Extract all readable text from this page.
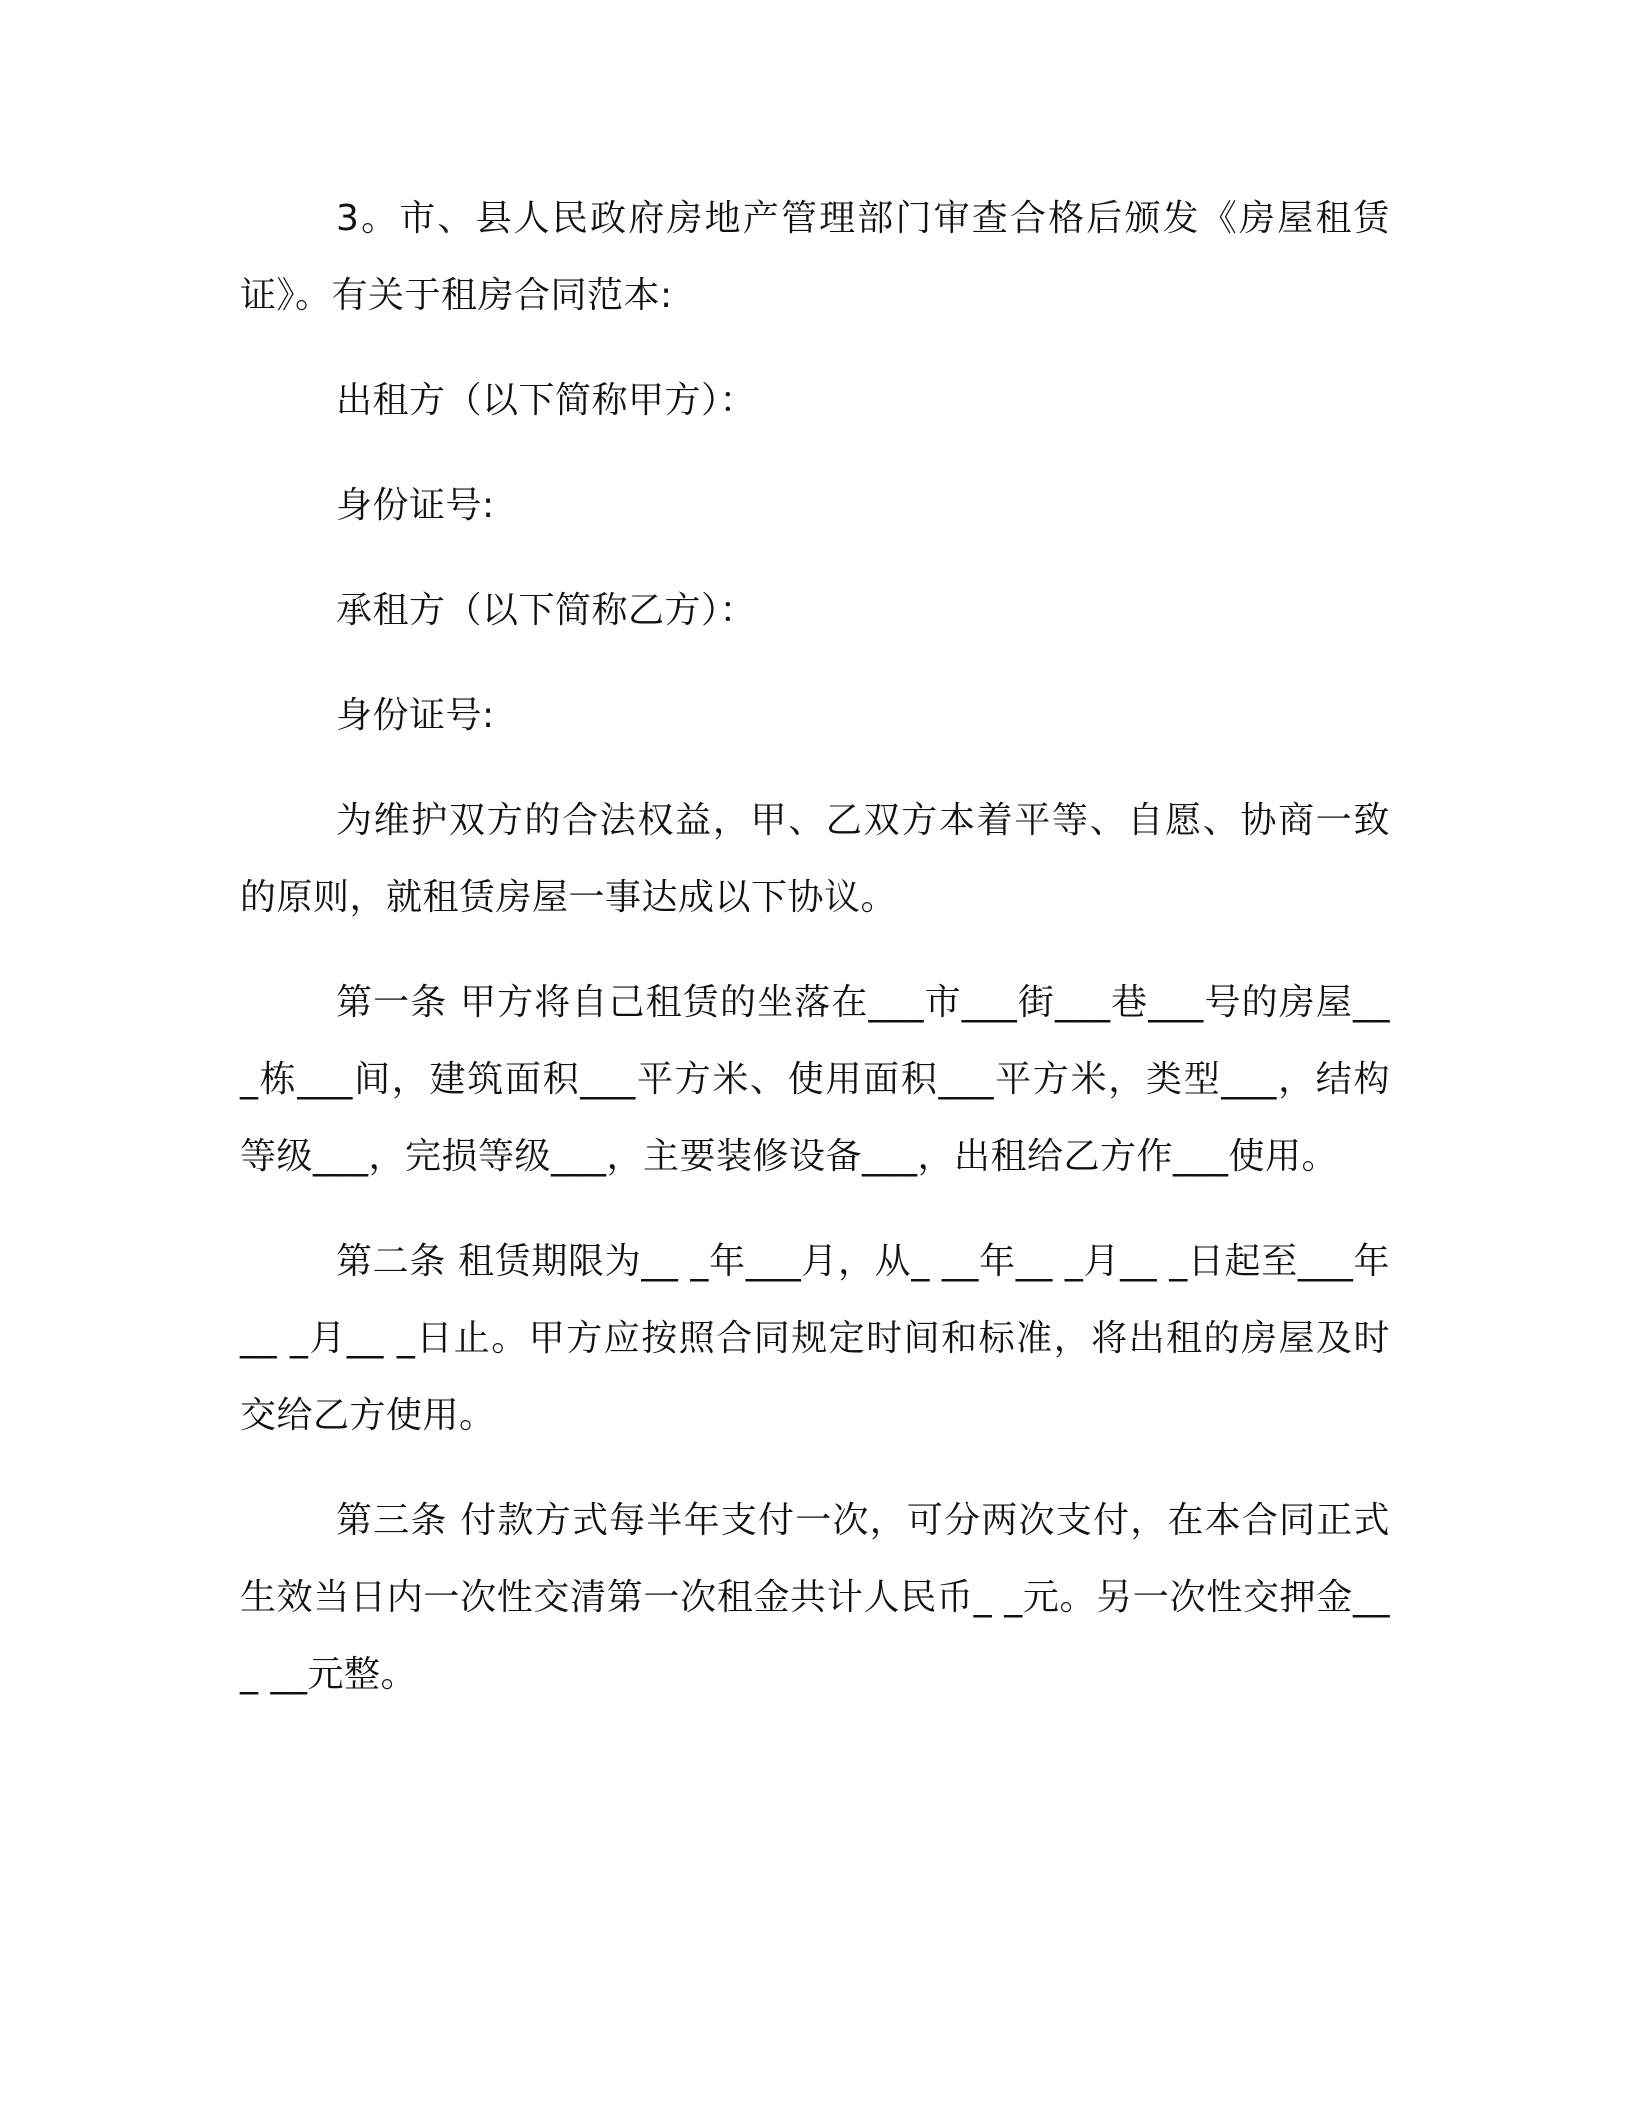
3。市、县人民政府房地产管理部门审查合格后颁发《房屋租赁证》。有关于租房合同范本:

出租方（以下简称甲方）：

身份证号:

承租方（以下简称乙方）：

身份证号:

为维护双方的合法权益，甲、乙双方本着平等、自愿、协商一致的原则，就租赁房屋一事达成以下协议。

第一条 甲方将自己租赁的坐落在___市___街___巷___号的房屋___栋___间，建筑面积___平方米、使用面积___平方米，类型___，结构等级___，完损等级___，主要装修设备___，出租给乙方作___使用。

第二条 租赁期限为__ _年___月，从_ __年__ _月__ _日起至___年__ _月__ _日止。甲方应按照合同规定时间和标准，将出租的房屋及时交给乙方使用。

第三条 付款方式每半年支付一次，可分两次支付，在本合同正式生效当日内一次性交清第一次租金共计人民币_ _元。另一次性交押金___ __元整。
